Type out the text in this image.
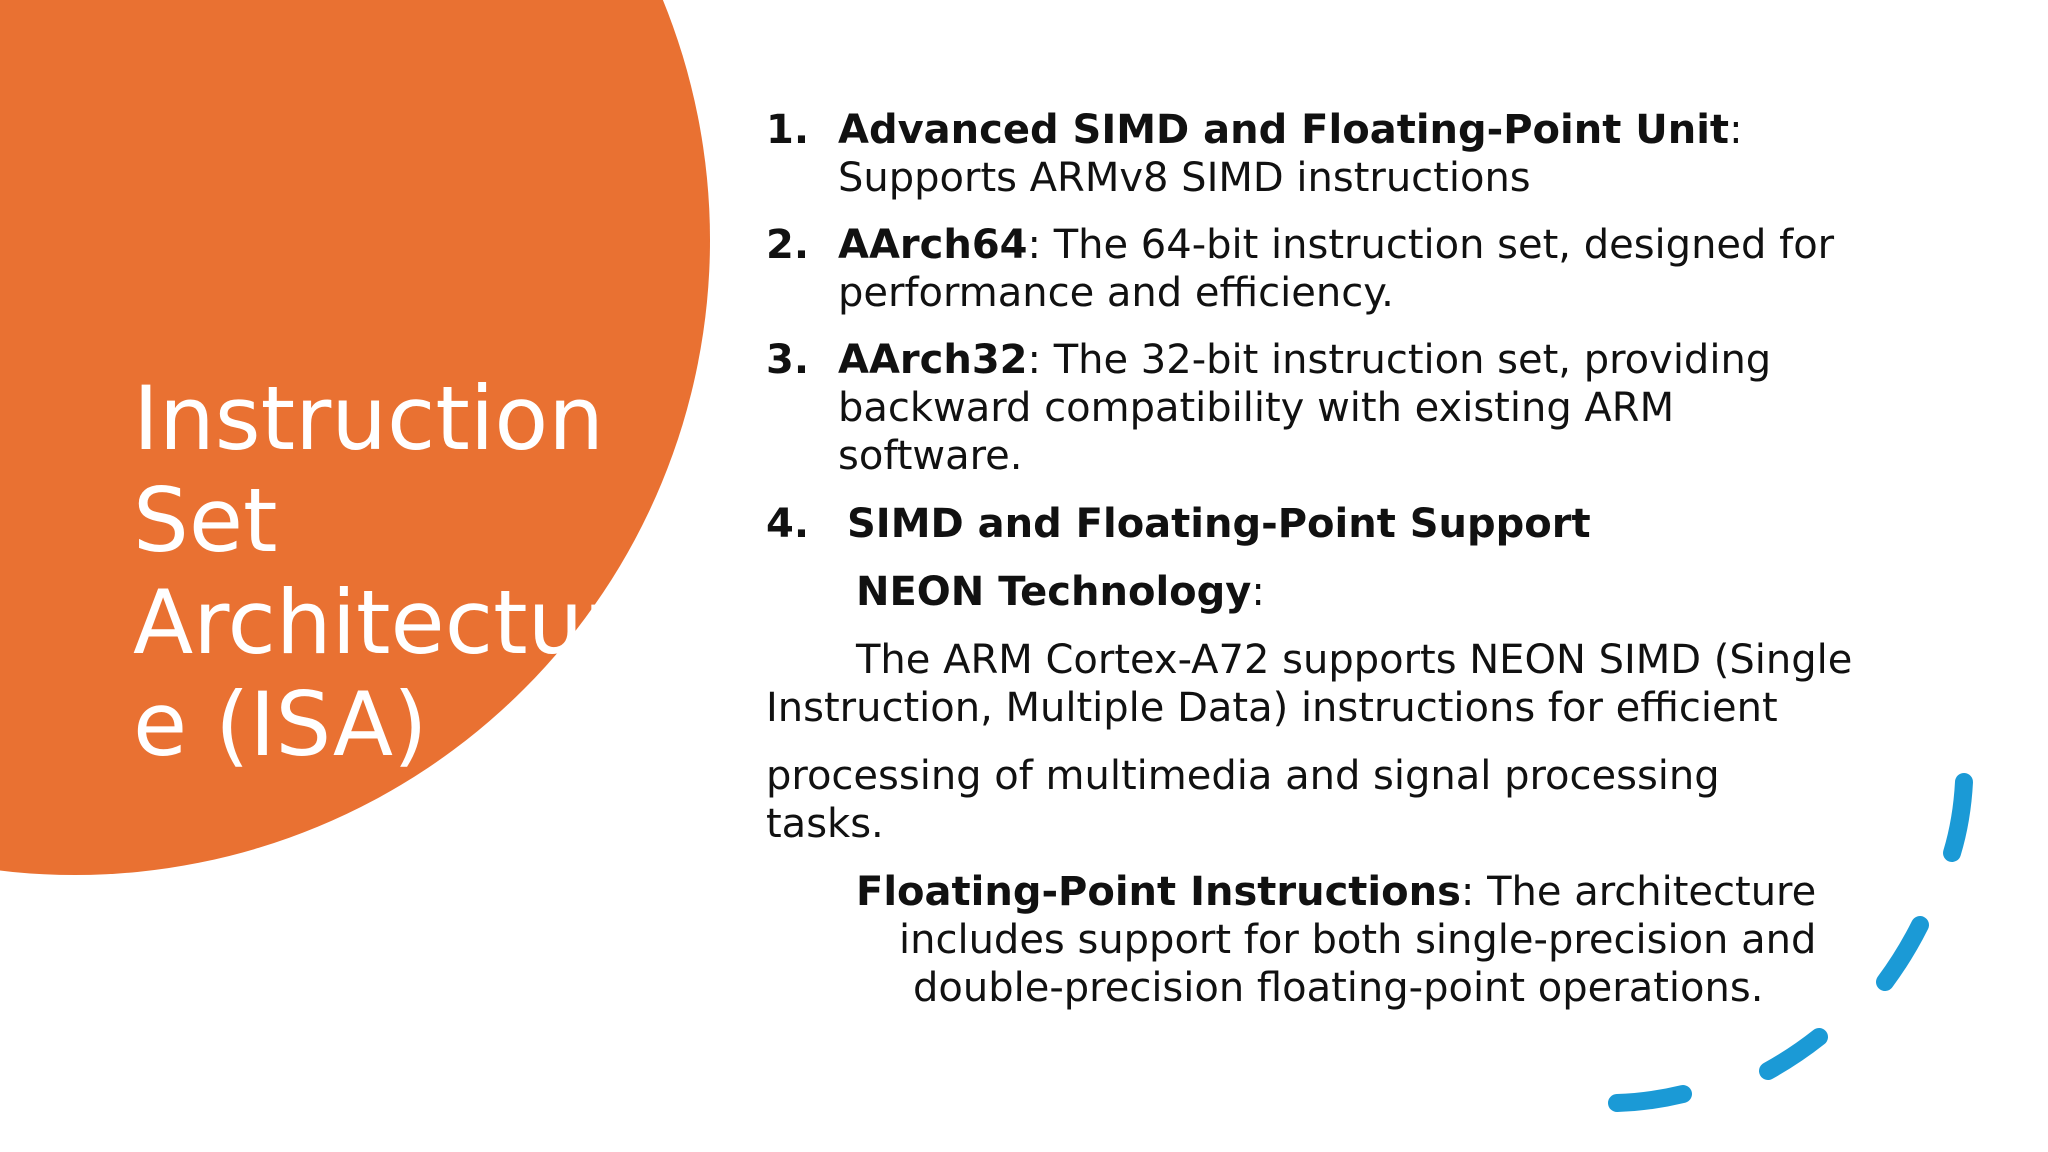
Instruction
Set
Architectur
e (ISA)
1. Advanced SIMD and Floating-Point Unit:
Supports ARMv8 SIMD instructions
2. AArch64: The 64-bit instruction set, designed for
performance and efficiency.
3. AArch32: The 32-bit instruction set, providing
backward compatibility with existing ARM
software.
4. SIMD and Floating-Point Support
NEON Technology:
The ARM Cortex-A72 supports NEON SIMD (Single
Instruction, Multiple Data) instructions for efficient
processing of multimedia and signal processing
tasks.
Floating-Point Instructions: The architecture
includes support for both single-precision and
double-precision floating-point operations.
